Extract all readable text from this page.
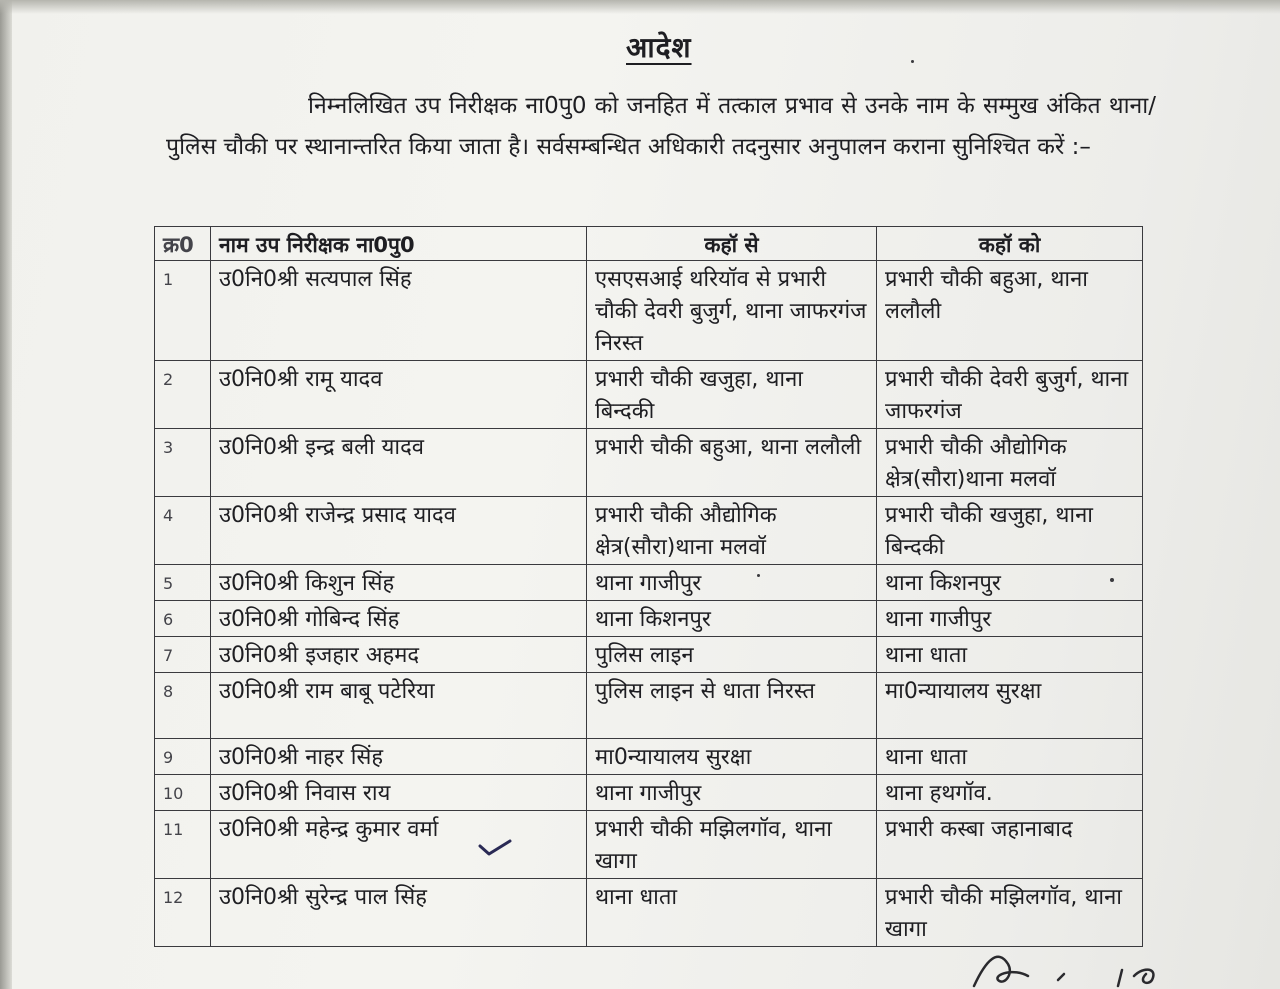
आदेश

निम्नलिखित उप निरीक्षक ना0पु0 को जनहित में तत्काल प्रभाव से उनके नाम के सम्मुख अंकित थाना/पुलिस चौकी पर स्थानान्तरित किया जाता है। सर्वसम्बन्धित अधिकारी तदनुसार अनुपालन कराना सुनिश्चित करें :–

क्र0	नाम उप निरीक्षक ना0पु0	कहॉ से	कहॉ को
1	उ0नि0श्री सत्यपाल सिंह	एसएसआई थरियॉव से प्रभारी चौकी देवरी बुजुर्ग, थाना जाफरगंज निरस्त	प्रभारी चौकी बहुआ, थाना ललौली
2	उ0नि0श्री रामू यादव	प्रभारी चौकी खजुहा, थाना बिन्दकी	प्रभारी चौकी देवरी बुजुर्ग, थाना जाफरगंज
3	उ0नि0श्री इन्द्र बली यादव	प्रभारी चौकी बहुआ, थाना ललौली	प्रभारी चौकी औद्योगिक क्षेत्र(सौरा)थाना मलवॉ
4	उ0नि0श्री राजेन्द्र प्रसाद यादव	प्रभारी चौकी औद्योगिक क्षेत्र(सौरा)थाना मलवॉ	प्रभारी चौकी खजुहा, थाना बिन्दकी
5	उ0नि0श्री किशुन सिंह	थाना गाजीपुर	थाना किशनपुर
6	उ0नि0श्री गोबिन्द सिंह	थाना किशनपुर	थाना गाजीपुर
7	उ0नि0श्री इजहार अहमद	पुलिस लाइन	थाना धाता
8	उ0नि0श्री राम बाबू पटेरिया	पुलिस लाइन से धाता निरस्त	मा0न्यायालय सुरक्षा
9	उ0नि0श्री नाहर सिंह	मा0न्यायालय सुरक्षा	थाना धाता
10	उ0नि0श्री निवास राय	थाना गाजीपुर	थाना हथगॉव.
11	उ0नि0श्री महेन्द्र कुमार वर्मा	प्रभारी चौकी मझिलगॉव, थाना खागा	प्रभारी कस्बा जहानाबाद
12	उ0नि0श्री सुरेन्द्र पाल सिंह	थाना धाता	प्रभारी चौकी मझिलगॉव, थाना खागा
